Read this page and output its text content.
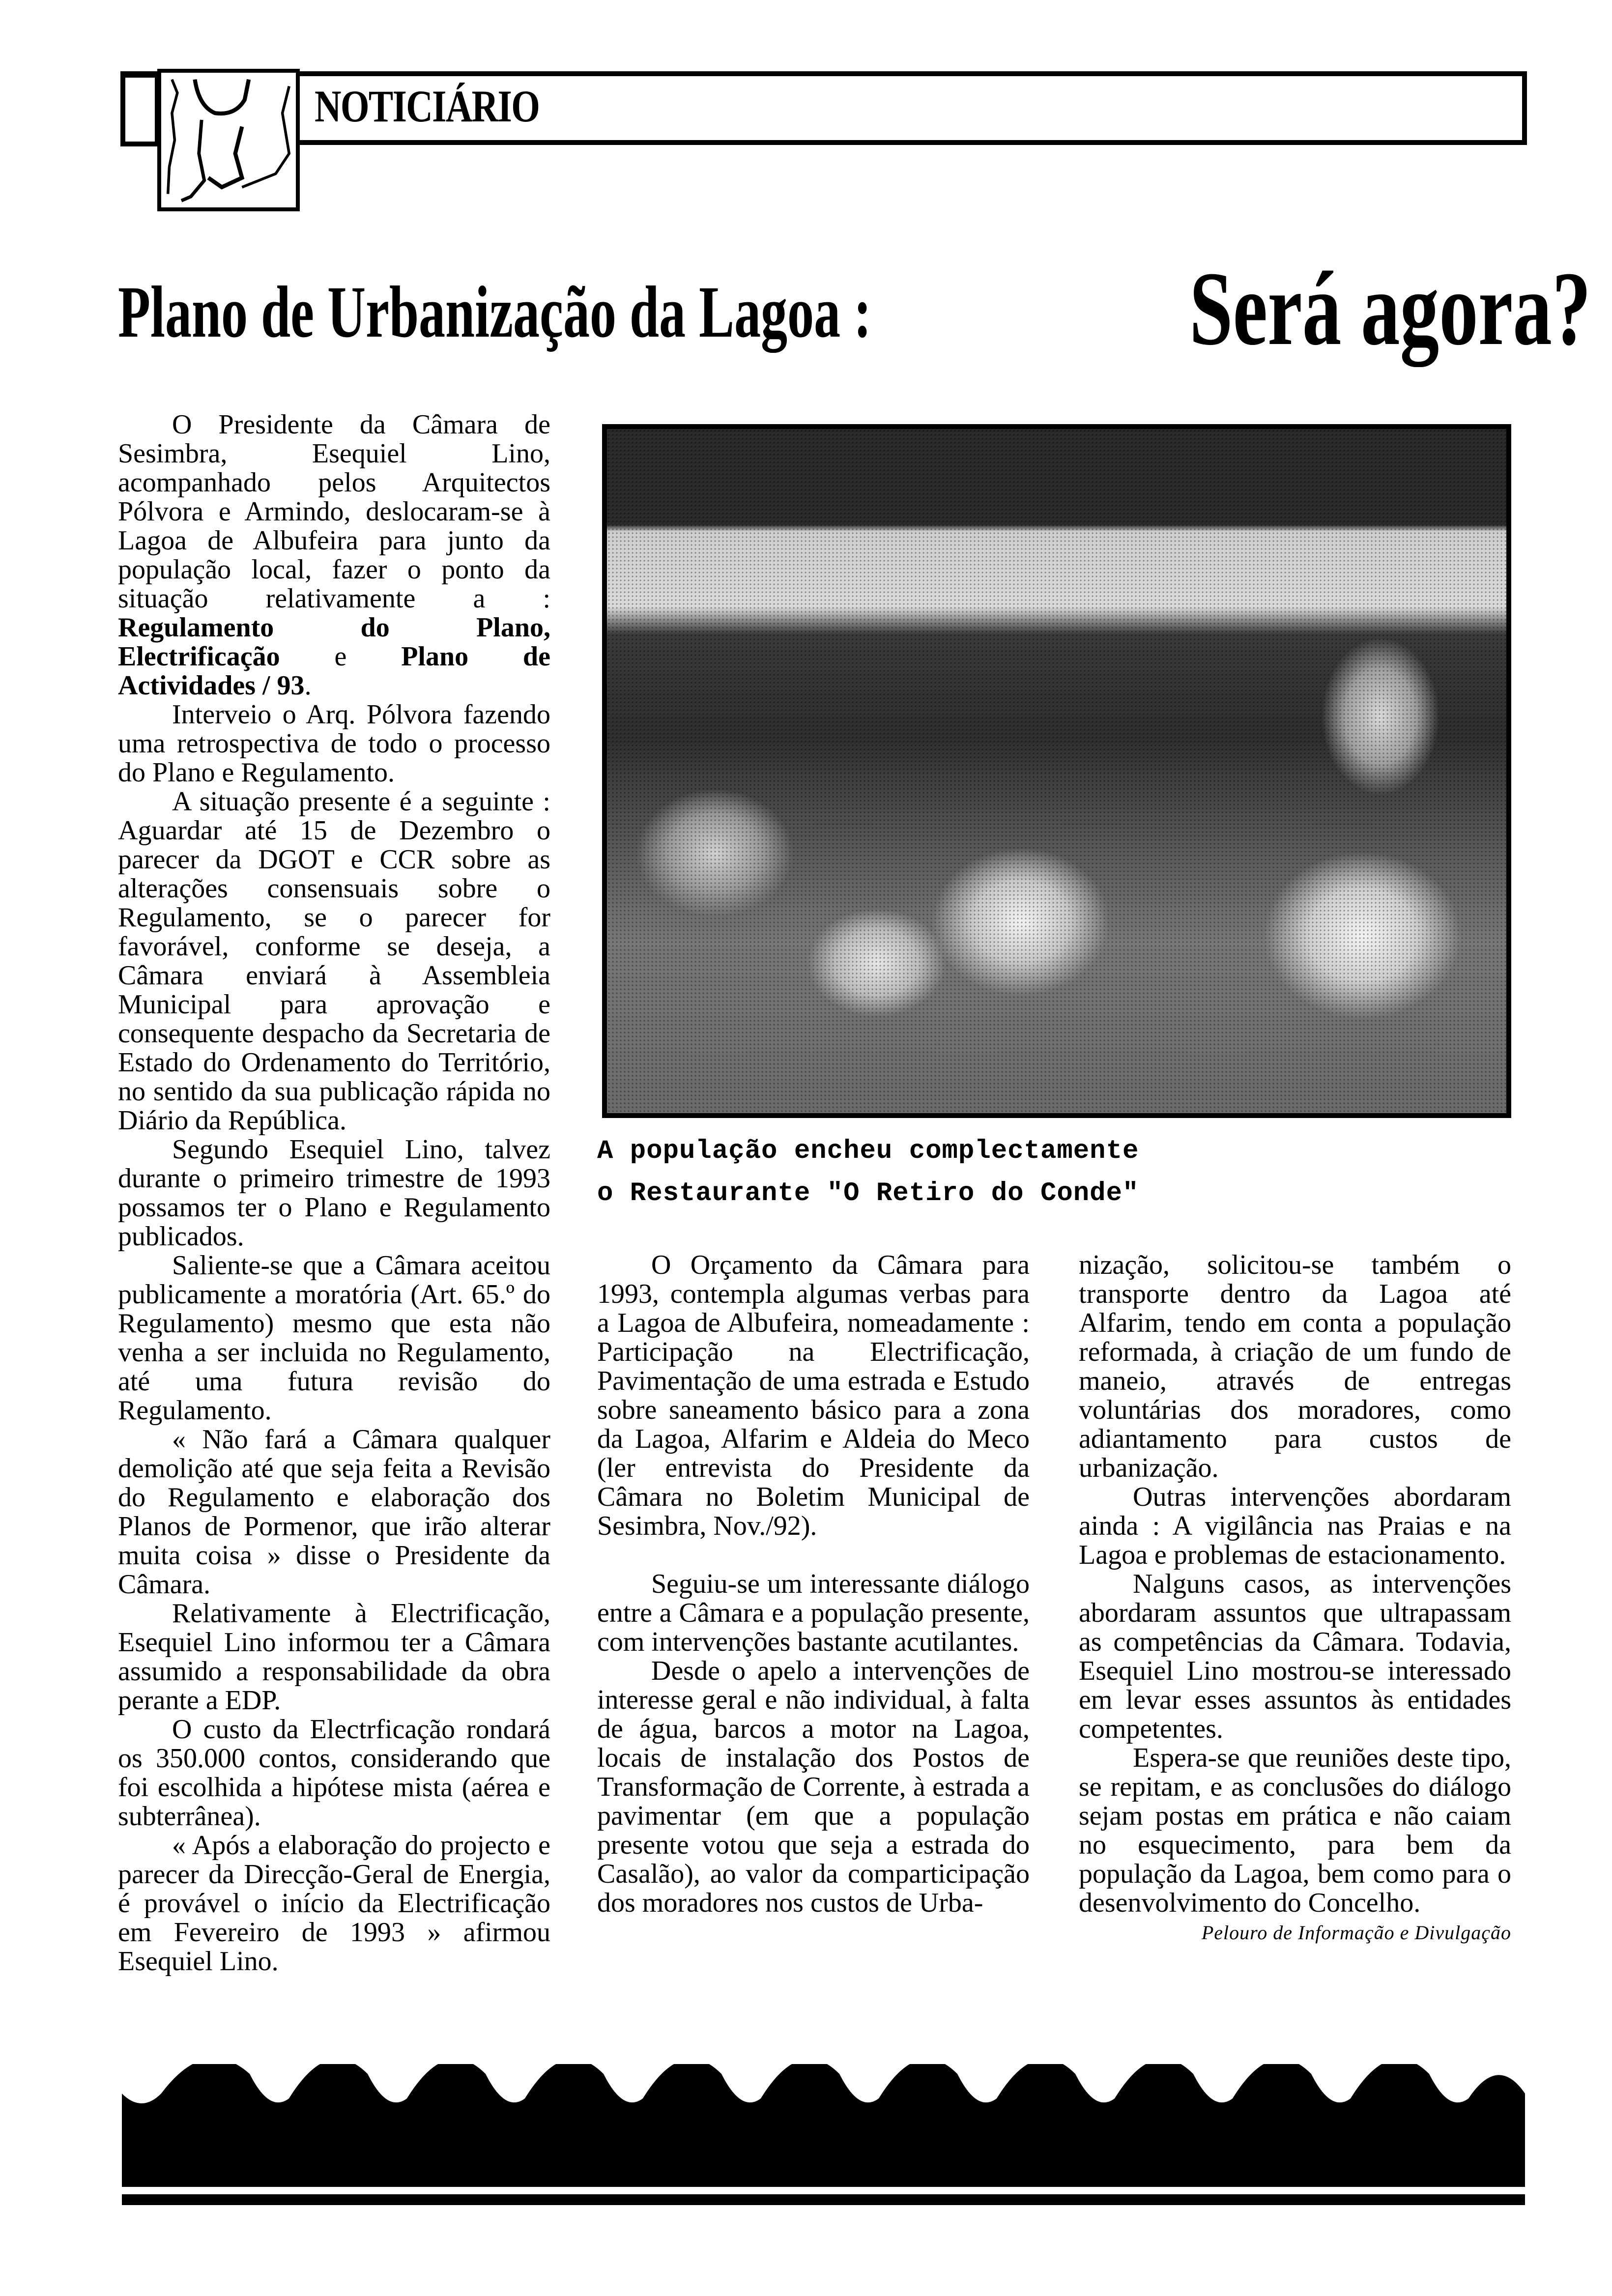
NOTICIÁRIO
Plano de Urbanização da Lagoa :	Será agora?

O Presidente da Câmara de Sesimbra, Esequiel Lino, acompanhado pelos Arquitectos Pólvora e Armindo, deslocaram-se à Lagoa de Albufeira para junto da população local, fazer o ponto da situação relativamente a : Regulamento do Plano, Electrificação e Plano de Actividades / 93.

Interveio o Arq. Pólvora fazendo uma retrospectiva de todo o processo do Plano e Regulamento.

A situação presente é a seguinte : Aguardar até 15 de Dezembro o parecer da DGOT e CCR sobre as alterações consensuais sobre o Regulamento, se o parecer for favorável, conforme se deseja, a Câmara enviará à Assembleia Municipal para aprovação e consequente despacho da Secretaria de Estado do Ordenamento do Território, no sentido da sua publicação rápida no Diário da República.

Segundo Esequiel Lino, talvez durante o primeiro trimestre de 1993 possamos ter o Plano e Regulamento publicados.

Saliente-se que a Câmara aceitou publicamente a moratória (Art. 65.º do Regulamento) mesmo que esta não venha a ser incluida no Regulamento, até uma futura revisão do Regulamento.

« Não fará a Câmara qualquer demolição até que seja feita a Revisão do Regulamento e elaboração dos Planos de Pormenor, que irão alterar muita coisa » disse o Presidente da Câmara.

Relativamente à Electrificação, Esequiel Lino informou ter a Câmara assumido a responsabilidade da obra perante a EDP.

O custo da Electrficação rondará os 350.000 contos, considerando que foi escolhida a hipótese mista (aérea e subterrânea).

« Após a elaboração do projecto e parecer da Direcção-Geral de Energia, é provável o início da Electrificação em Fevereiro de 1993 » afirmou Esequiel Lino.

A população encheu complectamente
o Restaurante "O Retiro do Conde"

O Orçamento da Câmara para 1993, contempla algumas verbas para a Lagoa de Albufeira, nomeadamente : Participação na Electrificação, Pavimentação de uma estrada e Estudo sobre saneamento básico para a zona da Lagoa, Alfarim e Aldeia do Meco (ler entrevista do Presidente da Câmara no Boletim Municipal de Sesimbra, Nov./92).

Seguiu-se um interessante diálogo entre a Câmara e a população presente, com intervenções bastante acutilantes.

Desde o apelo a intervenções de interesse geral e não individual, à falta de água, barcos a motor na Lagoa, locais de instalação dos Postos de Transformação de Corrente, à estrada a pavimentar (em que a população presente votou que seja a estrada do Casalão), ao valor da comparticipação dos moradores nos custos de Urba-

nização, solicitou-se também o transporte dentro da Lagoa até Alfarim, tendo em conta a população reformada, à criação de um fundo de maneio, através de entregas voluntárias dos moradores, como adiantamento para custos de urbanização.

Outras intervenções abordaram ainda : A vigilância nas Praias e na Lagoa e problemas de estacionamento.

Nalguns casos, as intervenções abordaram assuntos que ultrapassam as competências da Câmara. Todavia, Esequiel Lino mostrou-se interessado em levar esses assuntos às entidades competentes.

Espera-se que reuniões deste tipo, se repitam, e as conclusões do diálogo sejam postas em prática e não caiam no esquecimento, para bem da população da Lagoa, bem como para o desenvolvimento do Concelho.

Pelouro de Informação e Divulgação
